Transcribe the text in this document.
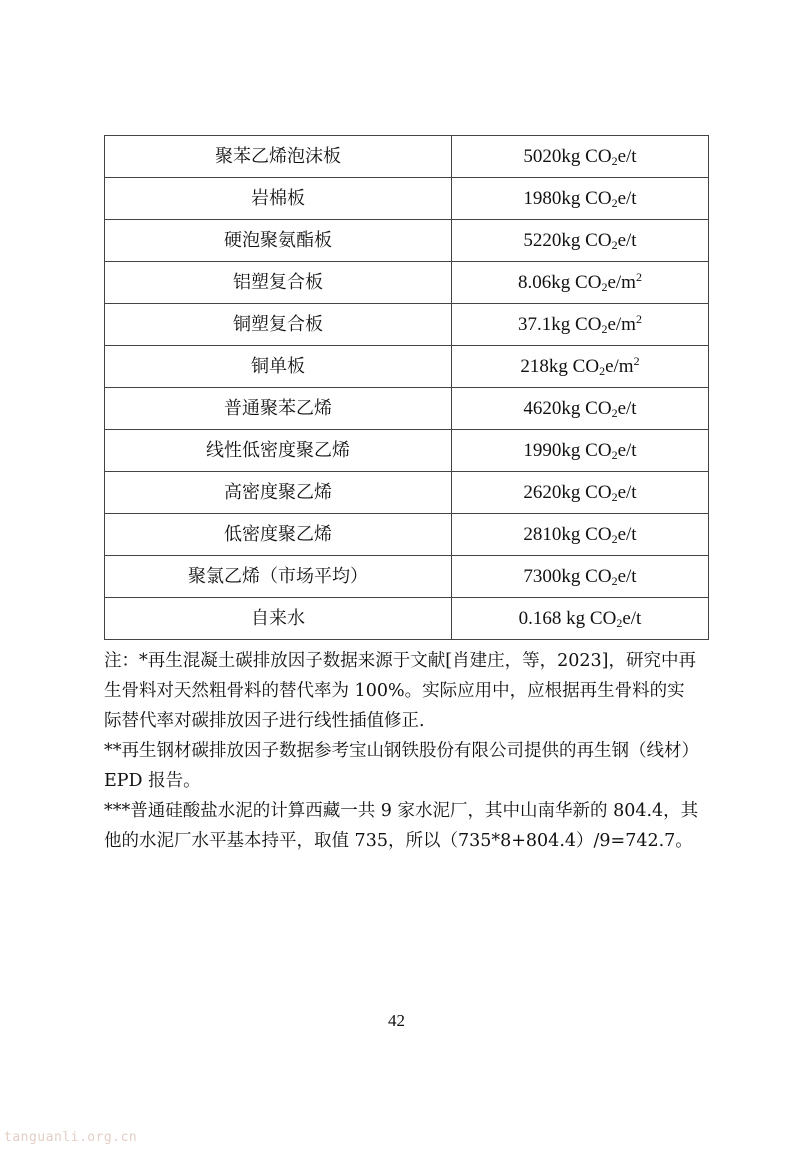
聚苯乙烯泡沫板	5020kg $CO_2e/t$
岩棉板	1980kg $CO_2e/t$
硬泡聚氨酯板	5220kg $CO_2e/t$
铝塑复合板	8.06kg $CO_2e/m^2$
铜塑复合板	37.1kg $CO_2e/m^2$
铜单板	218kg $CO_2e/m^2$
普通聚苯乙烯	4620kg $CO_2e/t$
线性低密度聚乙烯	1990kg $CO_2e/t$
高密度聚乙烯	2620kg $CO_2e/t$
低密度聚乙烯	2810kg $CO_2e/t$
聚氯乙烯（市场平均）	7300kg $CO_2e/t$
自来水	0.168 kg $CO_2e/t$

注：*再生混凝土碳排放因子数据来源于文献[肖建庄，等，2023]，研究中再生骨料对天然粗骨料的替代率为 100%。实际应用中，应根据再生骨料的实际替代率对碳排放因子进行线性插值修正.

**再生钢材碳排放因子数据参考宝山钢铁股份有限公司提供的再生钢（线材）EPD 报告。

***普通硅酸盐水泥的计算西藏一共 9 家水泥厂，其中山南华新的 804.4，其他的水泥厂水平基本持平，取值 735，所以（735*8+804.4）/9=742.7。

42
tanguanli.org.cn
